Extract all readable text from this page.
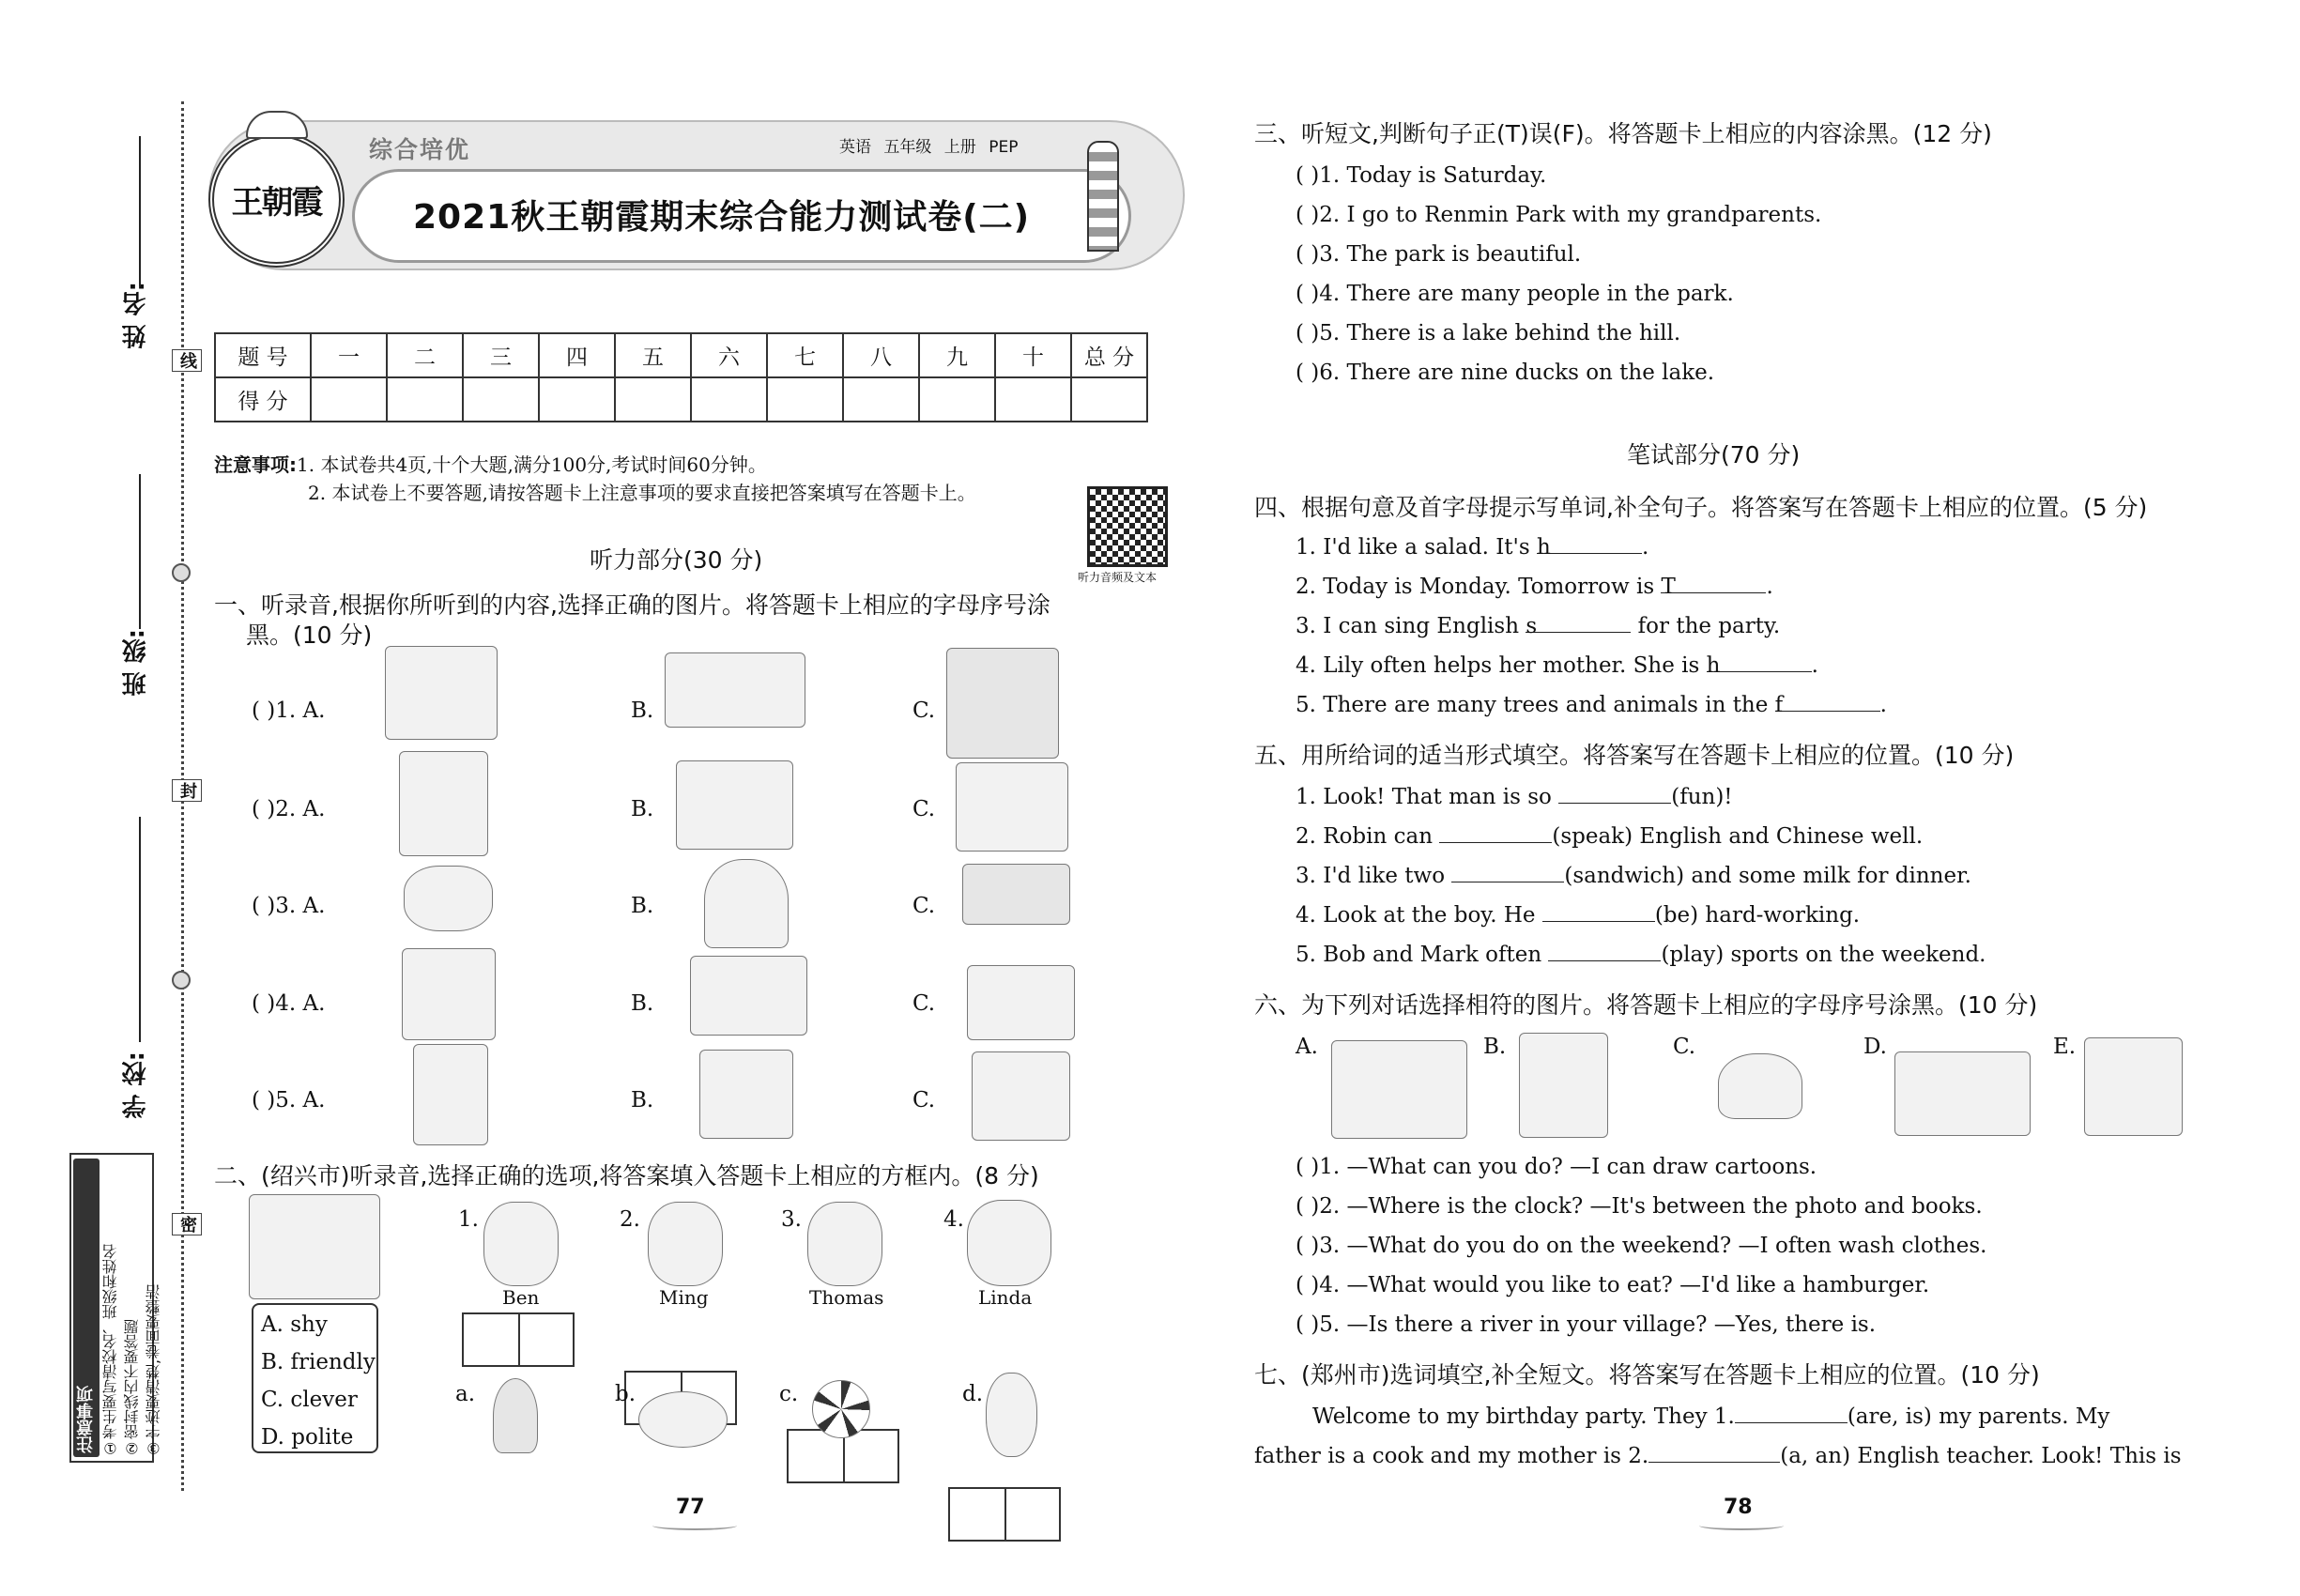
线
封
密
姓 名:
班 级:
学 校:
注意事项 ①考生要写清校名、班级和姓名 ②密封线内不要答题 ③字迹要清楚,卷面要整洁
王朝霞
综合培优	英语 五年级 上册 PEP
2021秋王朝霞期末综合能力测试卷(二)
题 号	一	二	三	四	五	六	七	八	九	十	总 分
得 分											
注意事项:1. 本试卷共4页,十个大题,满分100分,考试时间60分钟。
2. 本试卷上不要答题,请按答题卡上注意事项的要求直接把答案填写在答题卡上。
听力音频及文本
听力部分(30 分)
一、听录音,根据你所听到的内容,选择正确的图片。将答题卡上相应的字母序号涂
黑。(10 分)
( )1. A.	B.	C.
( )2. A.	B.	C.
( )3. A.	B.	C.
( )4. A.	B.	C.
( )5. A.	B.	C.
二、(绍兴市)听录音,选择正确的选项,将答案填入答题卡上相应的方框内。(8 分)
A. shy
B. friendly
C. clever
D. polite
1.
Ben
2.
Ming
3.
Thomas
4.
Linda
a.	b.	c.	d.
77	78
三、听短文,判断句子正(T)误(F)。将答题卡上相应的内容涂黑。(12 分)
( )1. Today is Saturday.
( )2. I go to Renmin Park with my grandparents.
( )3. The park is beautiful.
( )4. There are many people in the park.
( )5. There is a lake behind the hill.
( )6. There are nine ducks on the lake.
笔试部分(70 分)
四、根据句意及首字母提示写单词,补全句子。将答案写在答题卡上相应的位置。(5 分)
1. I'd like a salad. It's h	.
2. Today is Monday. Tomorrow is T	.
3. I can sing English s	for the party.
4. Lily often helps her mother. She is h	.
5. There are many trees and animals in the f	.
五、用所给词的适当形式填空。将答案写在答题卡上相应的位置。(10 分)
1. Look! That man is so	(fun)!
2. Robin can	(speak) English and Chinese well.
3. I'd like two	(sandwich) and some milk for dinner.
4. Look at the boy. He	(be) hard-working.
5. Bob and Mark often	(play) sports on the weekend.
六、为下列对话选择相符的图片。将答题卡上相应的字母序号涂黑。(10 分)
A.	B.	C.	D.	E.
( )1. —What can you do? —I can draw cartoons.
( )2. —Where is the clock? —It's between the photo and books.
( )3. —What do you do on the weekend? —I often wash clothes.
( )4. —What would you like to eat? —I'd like a hamburger.
( )5. —Is there a river in your village? —Yes, there is.
七、(郑州市)选词填空,补全短文。将答案写在答题卡上相应的位置。(10 分)
Welcome to my birthday party. They 1.	(are, is) my parents. My
father is a cook and my mother is 2.	(a, an) English teacher. Look! This is
